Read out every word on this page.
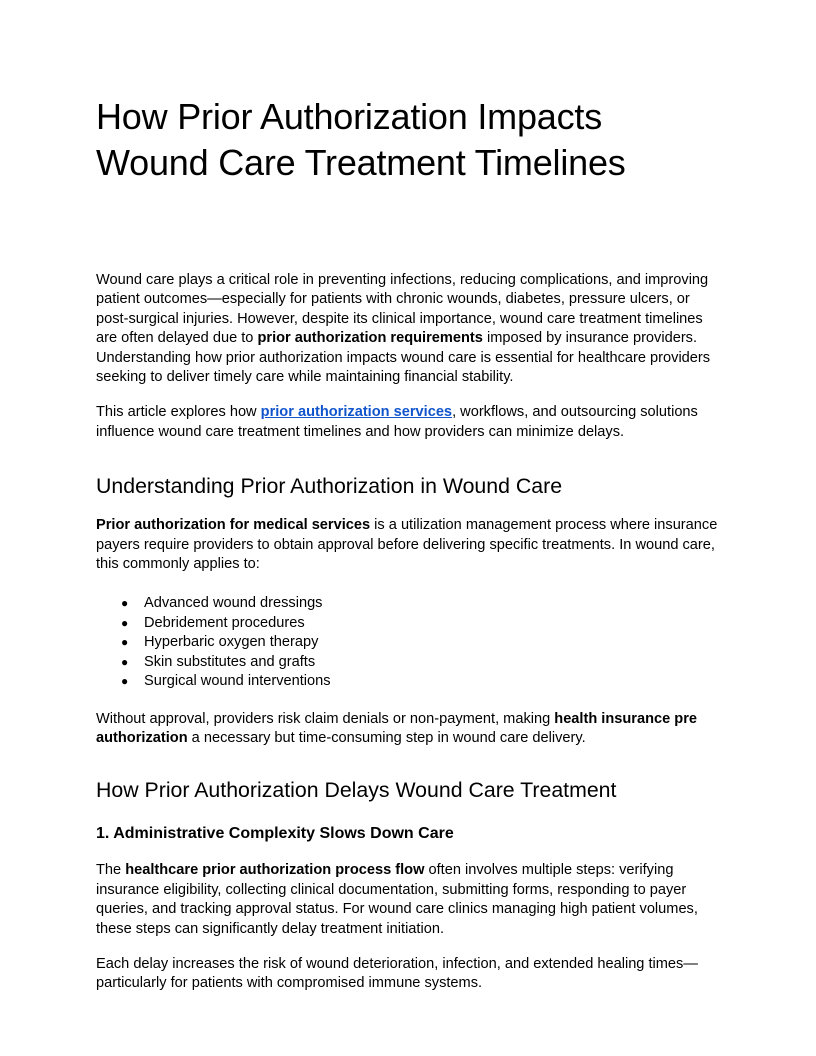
How Prior Authorization Impacts Wound Care Treatment Timelines

Wound care plays a critical role in preventing infections, reducing complications, and improving patient outcomes—especially for patients with chronic wounds, diabetes, pressure ulcers, or post-surgical injuries. However, despite its clinical importance, wound care treatment timelines are often delayed due to prior authorization requirements imposed by insurance providers. Understanding how prior authorization impacts wound care is essential for healthcare providers seeking to deliver timely care while maintaining financial stability.

This article explores how prior authorization services, workflows, and outsourcing solutions influence wound care treatment timelines and how providers can minimize delays.

Understanding Prior Authorization in Wound Care

Prior authorization for medical services is a utilization management process where insurance payers require providers to obtain approval before delivering specific treatments. In wound care, this commonly applies to:

● Advanced wound dressings
● Debridement procedures
● Hyperbaric oxygen therapy
● Skin substitutes and grafts
● Surgical wound interventions

Without approval, providers risk claim denials or non-payment, making health insurance pre authorization a necessary but time-consuming step in wound care delivery.

How Prior Authorization Delays Wound Care Treatment
1. Administrative Complexity Slows Down Care

The healthcare prior authorization process flow often involves multiple steps: verifying insurance eligibility, collecting clinical documentation, submitting forms, responding to payer queries, and tracking approval status. For wound care clinics managing high patient volumes, these steps can significantly delay treatment initiation.

Each delay increases the risk of wound deterioration, infection, and extended healing times—particularly for patients with compromised immune systems.
